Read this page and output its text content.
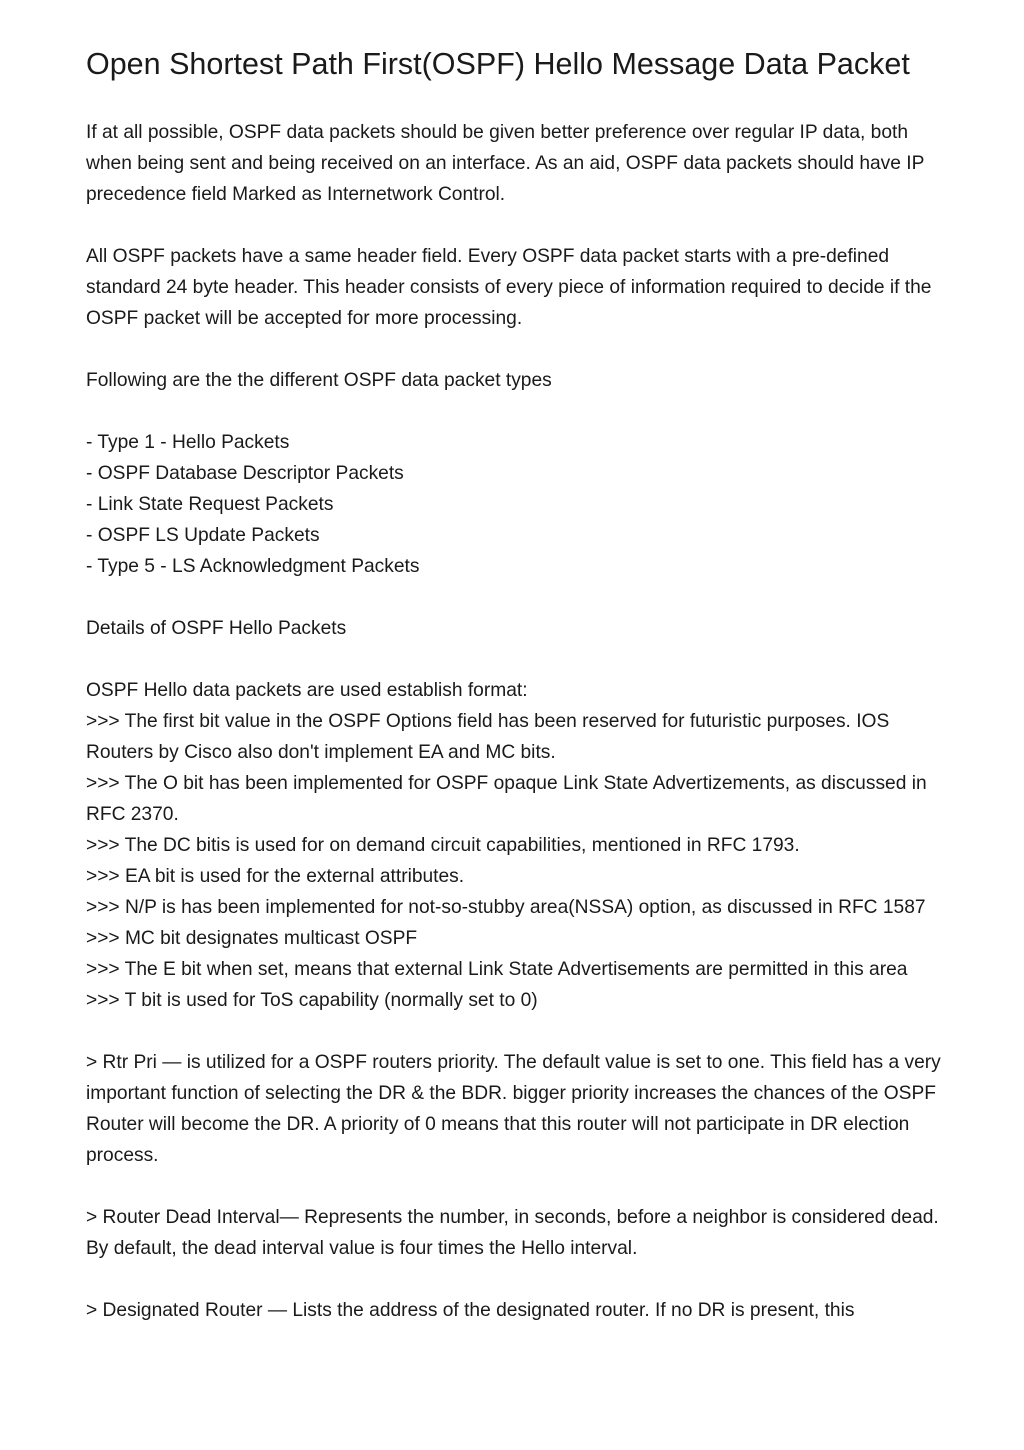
Open Shortest Path First(OSPF) Hello Message Data Packet

If at all possible, OSPF data packets should be given better preference over regular IP data, both when being sent and being received on an interface. As an aid, OSPF data packets should have IP precedence field Marked as Internetwork Control.

All OSPF packets have a same header field. Every OSPF data packet starts with a pre-defined standard 24 byte header. This header consists of every piece of information required to decide if the OSPF packet will be accepted for more processing.

Following are the the different OSPF data packet types

- Type 1 - Hello Packets
- OSPF Database Descriptor Packets
- Link State Request Packets
- OSPF LS Update Packets
- Type 5 - LS Acknowledgment Packets

Details of OSPF Hello Packets

OSPF Hello data packets are used establish format:
>>> The first bit value in the OSPF Options field has been reserved for futuristic purposes. IOS Routers by Cisco also don't implement EA and MC bits.
>>> The O bit has been implemented for OSPF opaque Link State Advertizements, as discussed in RFC 2370.
>>> The DC bitis is used for on demand circuit capabilities, mentioned in RFC 1793.
>>> EA bit is used for the external attributes.
>>> N/P is has been implemented for not-so-stubby area(NSSA) option, as discussed in RFC 1587
>>> MC bit designates multicast OSPF
>>> The E bit when set, means that external Link State Advertisements are permitted in this area
>>> T bit is used for ToS capability (normally set to 0)

> Rtr Pri — is utilized for a OSPF routers priority. The default value is set to one. This field has a very important function of selecting the DR & the BDR. bigger priority increases the chances of the OSPF Router will become the DR. A priority of 0 means that this router will not participate in DR election process.

> Router Dead Interval— Represents the number, in seconds, before a neighbor is considered dead. By default, the dead interval value is four times the Hello interval.

> Designated Router — Lists the address of the designated router. If no DR is present, this
